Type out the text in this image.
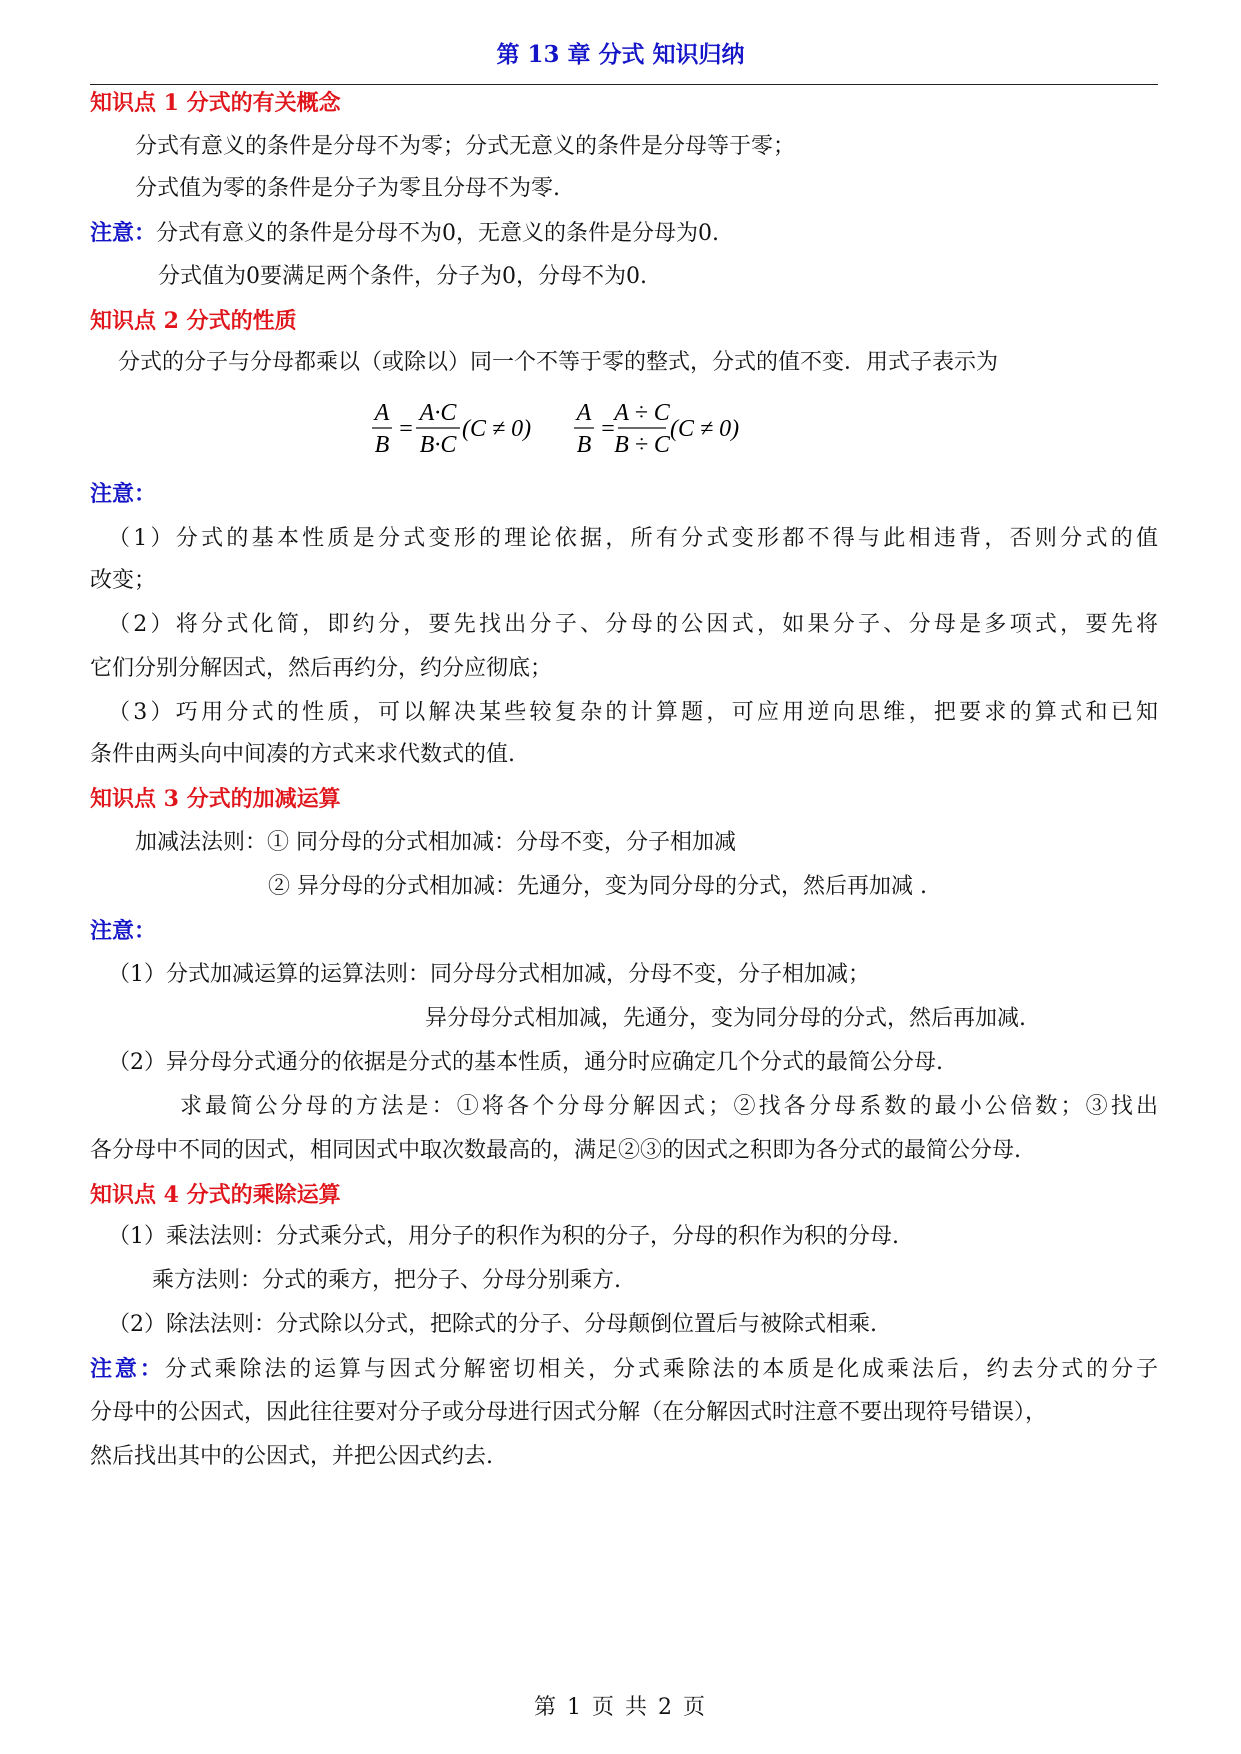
第 13 章 分式 知识归纳
知识点 1 分式的有关概念
分式有意义的条件是分母不为零；分式无意义的条件是分母等于零；
分式值为零的条件是分子为零且分母不为零.
注意：分式有意义的条件是分母不为0，无意义的条件是分母为0.
分式值为0要满足两个条件，分子为0，分母不为0.
知识点 2 分式的性质
分式的分子与分母都乘以（或除以）同一个不等于零的整式，分式的值不变．用式子表示为
A
B
=
A·C
B·C
(C ≠ 0)
A
B
=
A ÷ C
B ÷ C
(C ≠ 0)
注意：
（1）分式的基本性质是分式变形的理论依据，所有分式变形都不得与此相违背，否则分式的值
改变；
（2）将分式化简，即约分，要先找出分子、分母的公因式，如果分子、分母是多项式，要先将
它们分别分解因式，然后再约分，约分应彻底；
（3）巧用分式的性质，可以解决某些较复杂的计算题，可应用逆向思维，把要求的算式和已知
条件由两头向中间凑的方式来求代数式的值.
知识点 3 分式的加减运算
加减法法则：① 同分母的分式相加减：分母不变，分子相加减
② 异分母的分式相加减：先通分，变为同分母的分式，然后再加减 .
注意：
（1）分式加减运算的运算法则：同分母分式相加减，分母不变，分子相加减；
异分母分式相加减，先通分，变为同分母的分式，然后再加减.
（2）异分母分式通分的依据是分式的基本性质，通分时应确定几个分式的最简公分母.
求最简公分母的方法是：①将各个分母分解因式；②找各分母系数的最小公倍数；③找出
各分母中不同的因式，相同因式中取次数最高的，满足②③的因式之积即为各分式的最简公分母.
知识点 4 分式的乘除运算
（1）乘法法则：分式乘分式，用分子的积作为积的分子，分母的积作为积的分母.
乘方法则：分式的乘方，把分子、分母分别乘方.
（2）除法法则：分式除以分式，把除式的分子、分母颠倒位置后与被除式相乘.
注意：分式乘除法的运算与因式分解密切相关，分式乘除法的本质是化成乘法后，约去分式的分子
分母中的公因式，因此往往要对分子或分母进行因式分解（在分解因式时注意不要出现符号错误），
然后找出其中的公因式，并把公因式约去.
第 1 页 共 2 页
